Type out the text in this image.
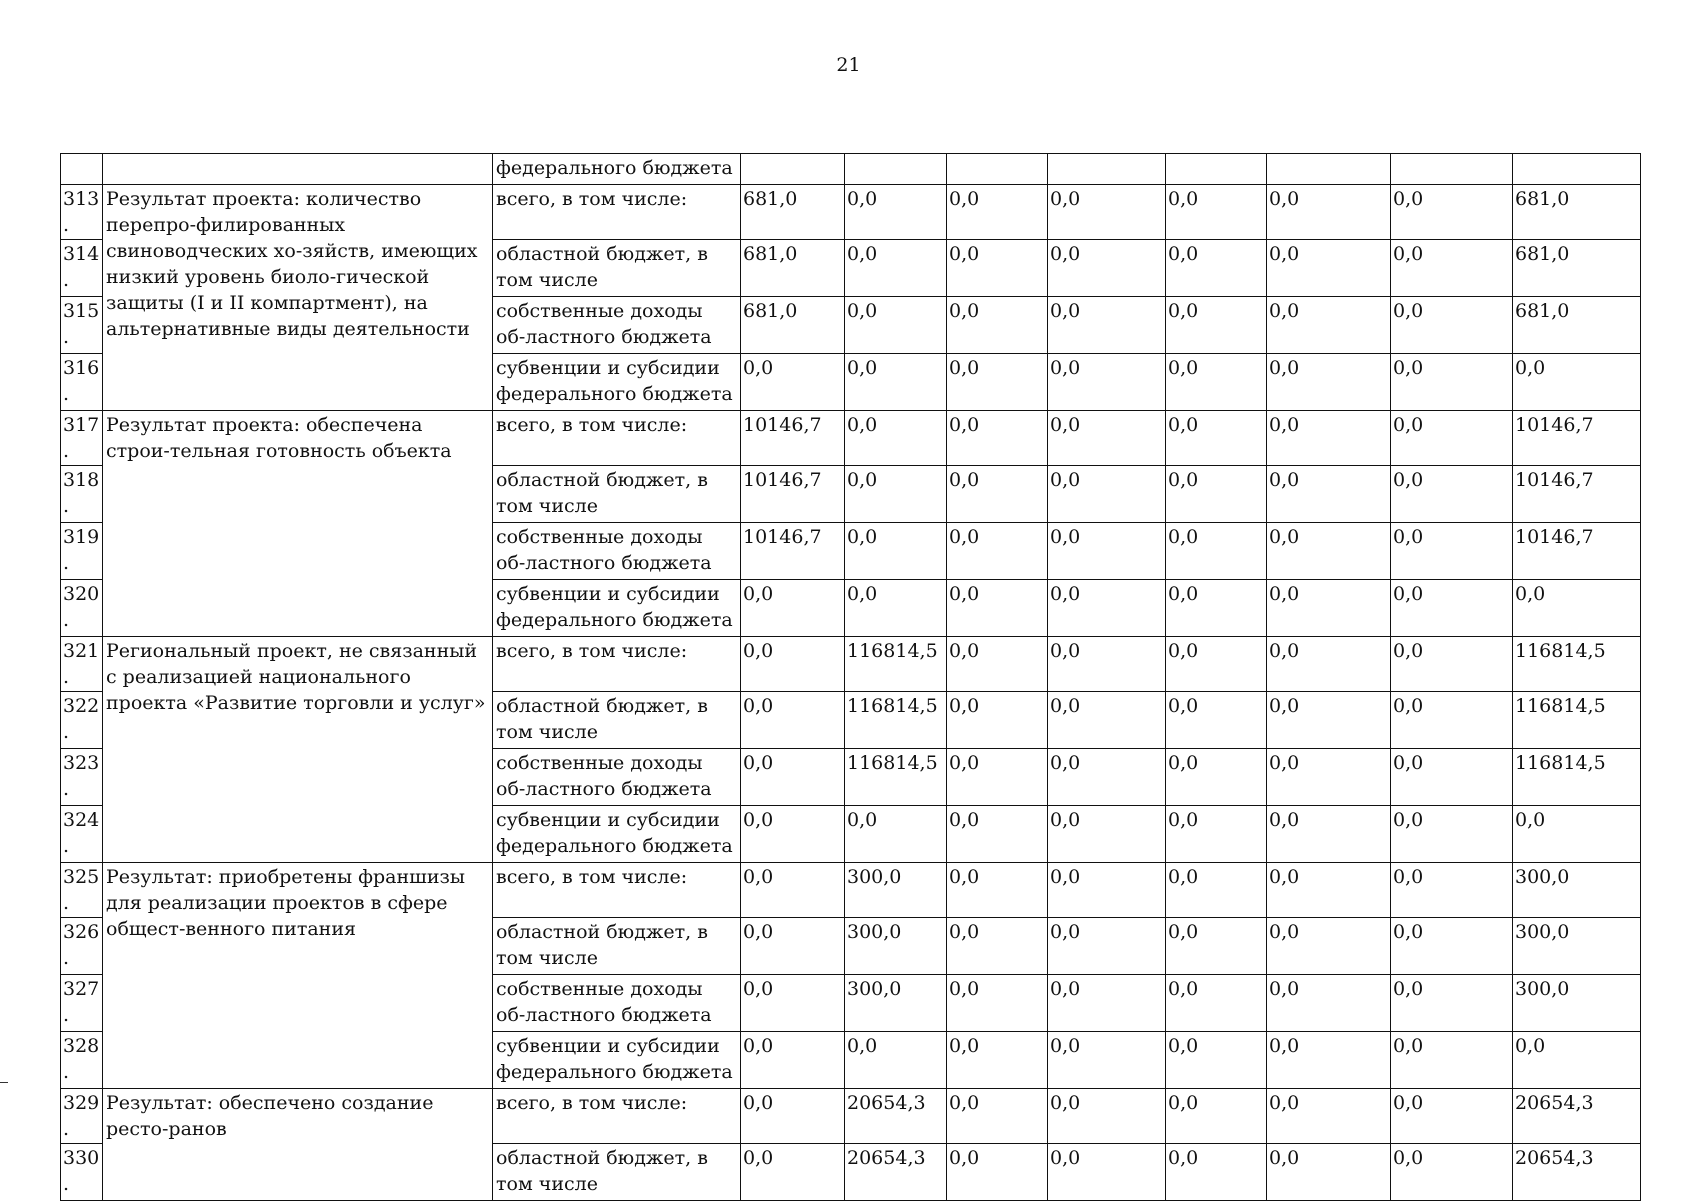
21
		федерального бюджета								
313.	Результат проекта: количество перепро-филированных свиноводческих хо-зяйств, имеющих низкий уровень биоло-гической защиты (I и II компартмент), на альтернативные виды деятельности	всего, в том числе:	681,0	0,0	0,0	0,0	0,0	0,0	0,0	681,0
314.		областной бюджет, в том числе	681,0	0,0	0,0	0,0	0,0	0,0	0,0	681,0
315.		собственные доходы об-ластного бюджета	681,0	0,0	0,0	0,0	0,0	0,0	0,0	681,0
316.		субвенции и субсидии федерального бюджета	0,0	0,0	0,0	0,0	0,0	0,0	0,0	0,0
317.	Результат проекта: обеспечена строи-тельная готовность объекта	всего, в том числе:	10146,7	0,0	0,0	0,0	0,0	0,0	0,0	10146,7
318.		областной бюджет, в том числе	10146,7	0,0	0,0	0,0	0,0	0,0	0,0	10146,7
319.		собственные доходы об-ластного бюджета	10146,7	0,0	0,0	0,0	0,0	0,0	0,0	10146,7
320.		субвенции и субсидии федерального бюджета	0,0	0,0	0,0	0,0	0,0	0,0	0,0	0,0
321.	Региональный проект, не связанный с реализацией национального проекта «Развитие торговли и услуг»	всего, в том числе:	0,0	116814,5	0,0	0,0	0,0	0,0	0,0	116814,5
322.		областной бюджет, в том числе	0,0	116814,5	0,0	0,0	0,0	0,0	0,0	116814,5
323.		собственные доходы об-ластного бюджета	0,0	116814,5	0,0	0,0	0,0	0,0	0,0	116814,5
324.		субвенции и субсидии федерального бюджета	0,0	0,0	0,0	0,0	0,0	0,0	0,0	0,0
325.	Результат: приобретены франшизы для реализации проектов в сфере общест-венного питания	всего, в том числе:	0,0	300,0	0,0	0,0	0,0	0,0	0,0	300,0
326.		областной бюджет, в том числе	0,0	300,0	0,0	0,0	0,0	0,0	0,0	300,0
327.		собственные доходы об-ластного бюджета	0,0	300,0	0,0	0,0	0,0	0,0	0,0	300,0
328.		субвенции и субсидии федерального бюджета	0,0	0,0	0,0	0,0	0,0	0,0	0,0	0,0
329.	Результат: обеспечено создание ресто-ранов	всего, в том числе:	0,0	20654,3	0,0	0,0	0,0	0,0	0,0	20654,3
330.		областной бюджет, в том числе	0,0	20654,3	0,0	0,0	0,0	0,0	0,0	20654,3
